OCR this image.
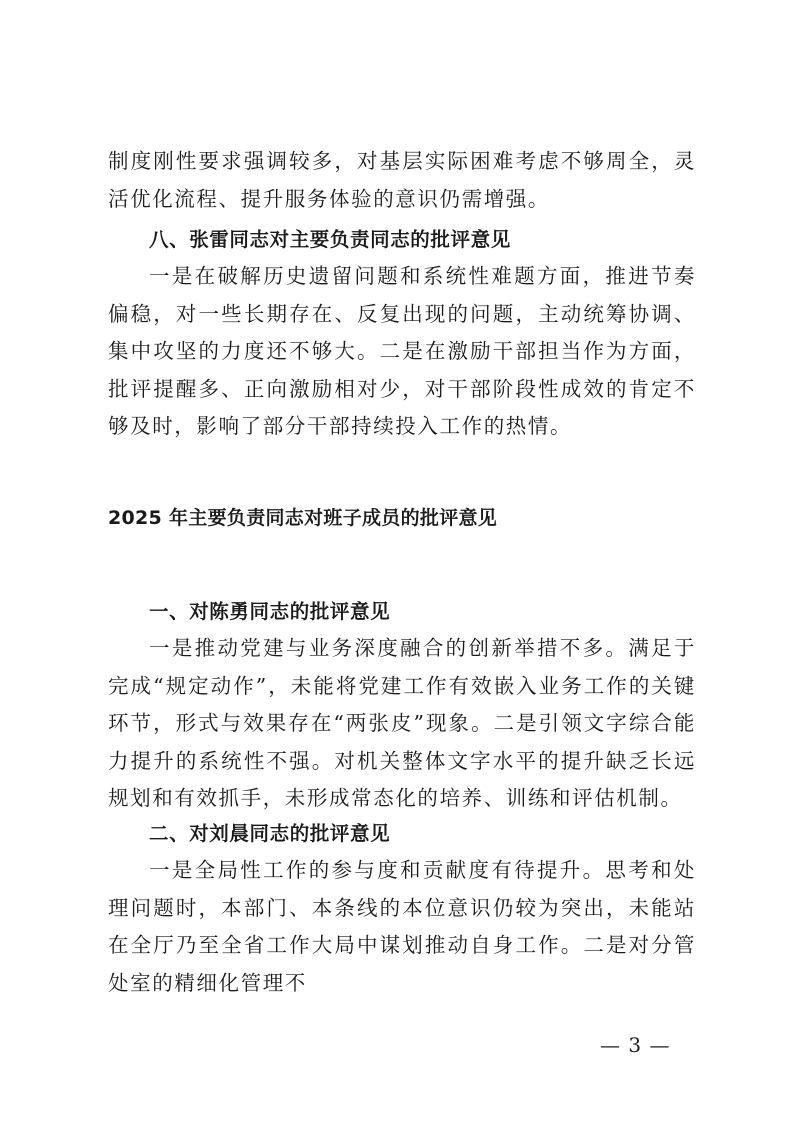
制度刚性要求强调较多，对基层实际困难考虑不够周全，灵活优化流程、提升服务体验的意识仍需增强。

八、张雷同志对主要负责同志的批评意见

一是在破解历史遗留问题和系统性难题方面，推进节奏偏稳，对一些长期存在、反复出现的问题，主动统筹协调、集中攻坚的力度还不够大。二是在激励干部担当作为方面，批评提醒多、正向激励相对少，对干部阶段性成效的肯定不够及时，影响了部分干部持续投入工作的热情。

2025 年主要负责同志对班子成员的批评意见

一、对陈勇同志的批评意见

一是推动党建与业务深度融合的创新举措不多。满足于完成“规定动作”，未能将党建工作有效嵌入业务工作的关键环节，形式与效果存在“两张皮”现象。二是引领文字综合能力提升的系统性不强。对机关整体文字水平的提升缺乏长远规划和有效抓手，未形成常态化的培养、训练和评估机制。

二、对刘晨同志的批评意见

一是全局性工作的参与度和贡献度有待提升。思考和处理问题时，本部门、本条线的本位意识仍较为突出，未能站在全厅乃至全省工作大局中谋划推动自身工作。二是对分管处室的精细化管理不

— 3 —
